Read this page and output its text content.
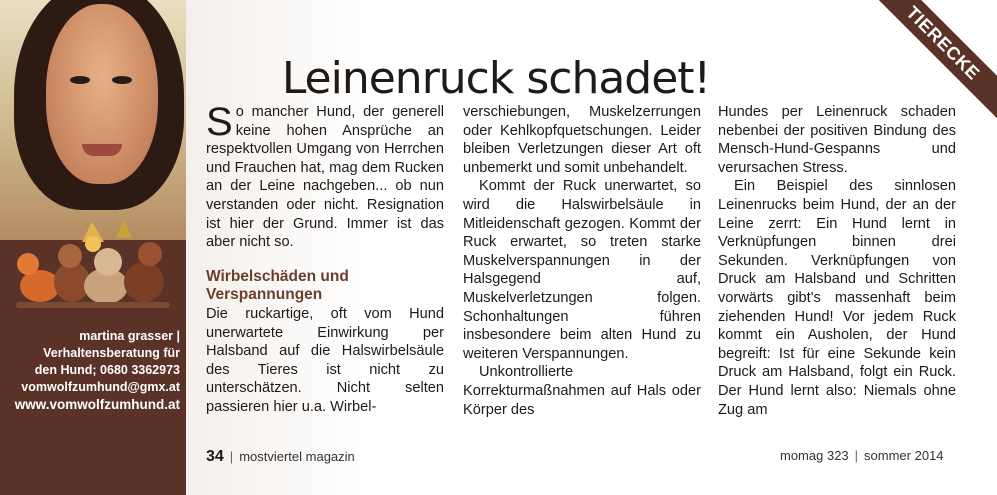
martina grasser |
Verhaltensberatung für
den Hund; 0680 3362973
vomwolfzumhund@gmx.at
www.vomwolfzumhund.at
TIERECKE
Leinenruck schadet!

So mancher Hund, der generell keine hohen Ansprüche an respektvollen Umgang von Herrchen und Frauchen hat, mag dem Rucken an der Leine nachgeben... ob nun verstanden oder nicht. Resignation ist hier der Grund. Immer ist das aber nicht so.

Wirbelschäden und
Verspannungen

Die ruckartige, oft vom Hund unerwartete Einwirkung per Halsband auf die Halswirbelsäule des Tieres ist nicht zu unterschätzen. Nicht selten passieren hier u.a. Wirbel-

verschiebungen, Muskelzerrungen oder Kehlkopfquetschungen. Leider bleiben Verletzungen dieser Art oft unbemerkt und somit unbehandelt.

Kommt der Ruck unerwartet, so wird die Halswirbelsäule in Mitleidenschaft gezogen. Kommt der Ruck erwartet, so treten starke Muskelverspannungen in der Halsgegend auf, Muskelverletzungen folgen. Schonhaltungen führen insbesondere beim alten Hund zu weiteren Verspannungen.

Unkontrollierte Korrekturmaßnahmen auf Hals oder Körper des

Hundes per Leinenruck schaden nebenbei der positiven Bindung des Mensch-Hund-Gespanns und verursachen Stress.

Ein Beispiel des sinnlosen Leinenrucks beim Hund, der an der Leine zerrt: Ein Hund lernt in Verknüpfungen binnen drei Sekunden. Verknüpfungen von Druck am Halsband und Schritten vorwärts gibt's massenhaft beim ziehenden Hund! Vor jedem Ruck kommt ein Ausholen, der Hund begreift: Ist für eine Sekunde kein Druck am Halsband, folgt ein Ruck. Der Hund lernt also: Niemals ohne Zug am

34 | mostviertel magazin	momag 323 | sommer 2014
